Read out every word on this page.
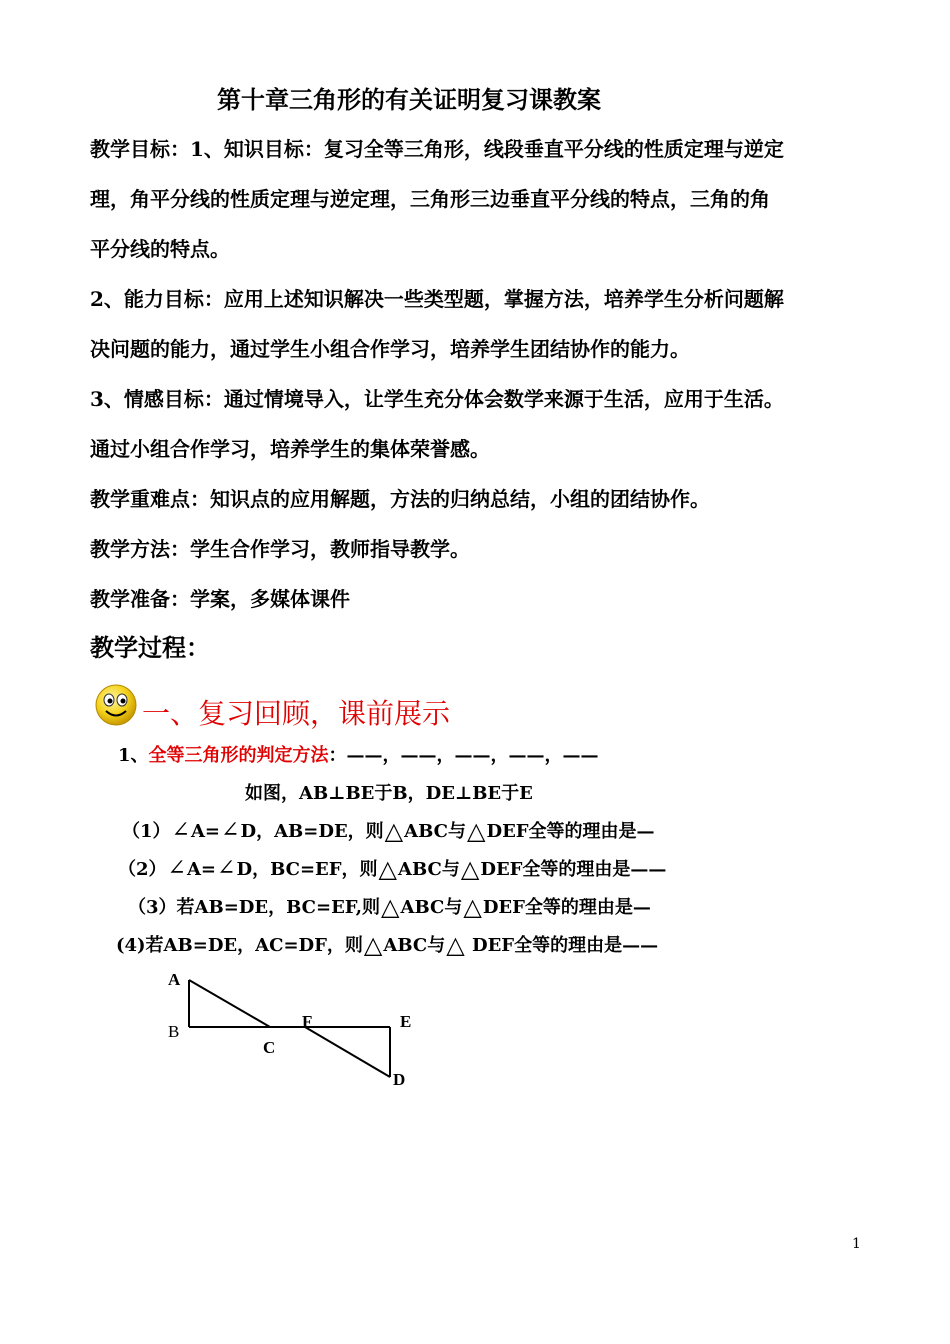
第十章三角形的有关证明复习课教案
教学目标：1、知识目标：复习全等三角形，线段垂直平分线的性质定理与逆定
理，角平分线的性质定理与逆定理，三角形三边垂直平分线的特点，三角的角
平分线的特点。
2、能力目标：应用上述知识解决一些类型题，掌握方法，培养学生分析问题解
决问题的能力，通过学生小组合作学习，培养学生团结协作的能力。
3、情感目标：通过情境导入，让学生充分体会数学来源于生活，应用于生活。
通过小组合作学习，培养学生的集体荣誉感。
教学重难点：知识点的应用解题，方法的归纳总结，小组的团结协作。
教学方法：学生合作学习，教师指导教学。
教学准备：学案，多媒体课件
教学过程：
一、复习回顾，课前展示
1、全等三角形的判定方法：——，——，——，——，——
如图，AB⊥BE于B，DE⊥BE于E
（1）∠A=∠D，AB=DE，则△ABC与△DEF全等的理由是—
（2）∠A=∠D，BC=EF，则△ABC与△DEF全等的理由是——
（3）若AB=DE，BC=EF,则△ABC与△DEF全等的理由是—
(4)若AB=DE，AC=DF，则△ABC与△ DEF全等的理由是——
A
B
C
F	E
D
1
